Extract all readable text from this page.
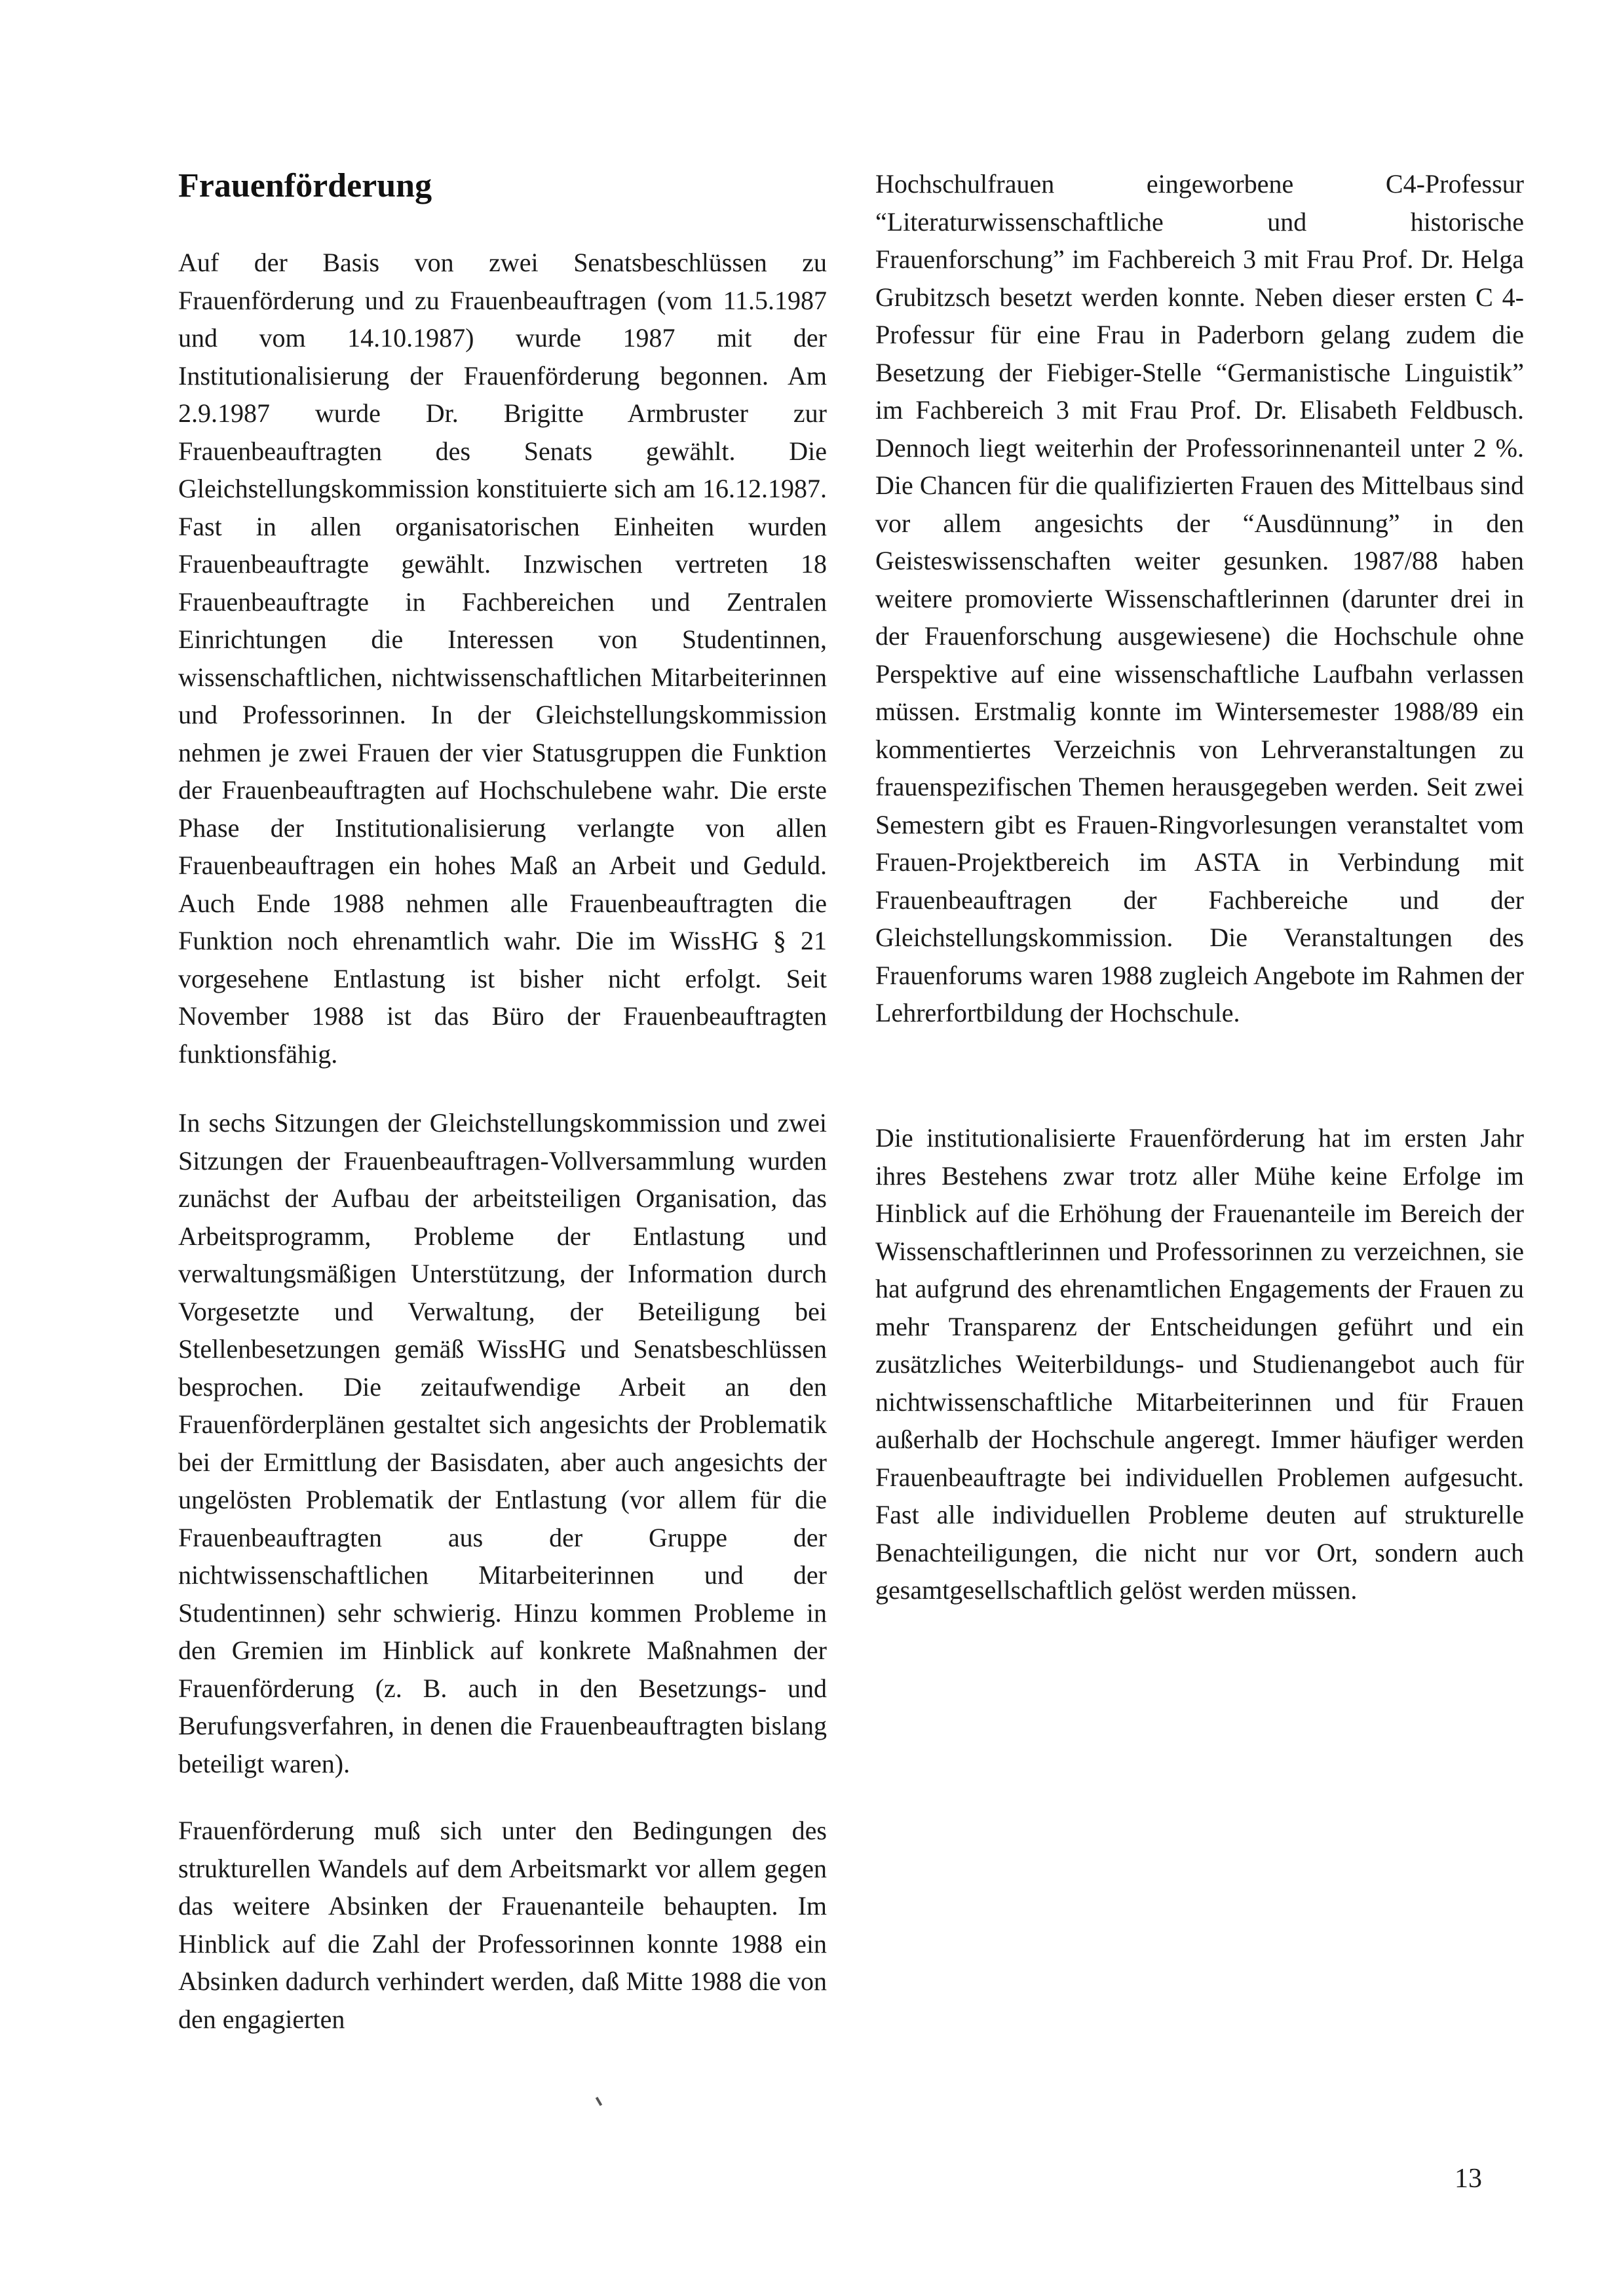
Frauenförderung

Auf der Basis von zwei Senatsbeschlüssen zu Frauenförderung und zu Frauenbeauftragen (vom 11.5.1987 und vom 14.10.1987) wurde 1987 mit der Institutionalisierung der Frauenförderung begonnen. Am 2.9.1987 wurde Dr. Brigitte Armbruster zur Frauenbeauftragten des Senats gewählt. Die Gleichstellungskommission konstituierte sich am 16.12.1987. Fast in allen organisatorischen Einheiten wurden Frauenbeauftragte gewählt. Inzwischen vertreten 18 Frauenbeauftragte in Fachbereichen und Zentralen Einrichtungen die Interessen von Studentinnen, wissenschaftlichen, nichtwissenschaftlichen Mitarbeiterinnen und Professorinnen. In der Gleichstellungskommission nehmen je zwei Frauen der vier Statusgruppen die Funktion der Frauenbeauftragten auf Hochschulebene wahr. Die erste Phase der Institutionalisierung verlangte von allen Frauenbeauftragen ein hohes Maß an Arbeit und Geduld. Auch Ende 1988 nehmen alle Frauenbeauftragten die Funktion noch ehrenamtlich wahr. Die im WissHG § 21 vorgesehene Entlastung ist bisher nicht erfolgt. Seit November 1988 ist das Büro der Frauenbeauftragten funktionsfähig.

In sechs Sitzungen der Gleichstellungskommission und zwei Sitzungen der Frauenbeauftragen-Vollversammlung wurden zunächst der Aufbau der arbeitsteiligen Organisation, das Arbeitsprogramm, Probleme der Entlastung und verwaltungsmäßigen Unterstützung, der Information durch Vorgesetzte und Verwaltung, der Beteiligung bei Stellenbesetzungen gemäß WissHG und Senatsbeschlüssen besprochen. Die zeitaufwendige Arbeit an den Frauenförderplänen gestaltet sich angesichts der Problematik bei der Ermittlung der Basisdaten, aber auch angesichts der ungelösten Problematik der Entlastung (vor allem für die Frauenbeauftragten aus der Gruppe der nichtwissenschaftlichen Mitarbeiterinnen und der Studentinnen) sehr schwierig. Hinzu kommen Probleme in den Gremien im Hinblick auf konkrete Maßnahmen der Frauenförderung (z. B. auch in den Besetzungs- und Berufungsverfahren, in denen die Frauenbeauftragten bislang beteiligt waren).

Frauenförderung muß sich unter den Bedingungen des strukturellen Wandels auf dem Arbeitsmarkt vor allem gegen das weitere Absinken der Frauenanteile behaupten. Im Hinblick auf die Zahl der Professorinnen konnte 1988 ein Absinken dadurch verhindert werden, daß Mitte 1988 die von den engagierten

Hochschulfrauen eingeworbene C4-Professur “Literaturwissenschaftliche und historische Frauenforschung” im Fachbereich 3 mit Frau Prof. Dr. Helga Grubitzsch besetzt werden konnte. Neben dieser ersten C 4-Professur für eine Frau in Paderborn gelang zudem die Besetzung der Fiebiger-Stelle “Germanistische Linguistik” im Fachbereich 3 mit Frau Prof. Dr. Elisabeth Feldbusch. Dennoch liegt weiterhin der Professorinnenanteil unter 2 %. Die Chancen für die qualifizierten Frauen des Mittelbaus sind vor allem angesichts der “Ausdünnung” in den Geisteswissenschaften weiter gesunken. 1987/88 haben weitere promovierte Wissenschaftlerinnen (darunter drei in der Frauenforschung ausgewiesene) die Hochschule ohne Perspektive auf eine wissenschaftliche Laufbahn verlassen müssen. Erstmalig konnte im Wintersemester 1988/89 ein kommentiertes Verzeichnis von Lehrveranstaltungen zu frauenspezifischen Themen herausgegeben werden. Seit zwei Semestern gibt es Frauen-Ringvorlesungen veranstaltet vom Frauen-Projektbereich im ASTA in Verbindung mit Frauenbeauftragen der Fachbereiche und der Gleichstellungskommission. Die Veranstaltungen des Frauenforums waren 1988 zugleich Angebote im Rahmen der Lehrerfortbildung der Hochschule.

Die institutionalisierte Frauenförderung hat im ersten Jahr ihres Bestehens zwar trotz aller Mühe keine Erfolge im Hinblick auf die Erhöhung der Frauenanteile im Bereich der Wissenschaftlerinnen und Professorinnen zu verzeichnen, sie hat aufgrund des ehrenamtlichen Engagements der Frauen zu mehr Transparenz der Entscheidungen geführt und ein zusätzliches Weiterbildungs- und Studienangebot auch für nichtwissenschaftliche Mitarbeiterinnen und für Frauen außerhalb der Hochschule angeregt. Immer häufiger werden Frauenbeauftragte bei individuellen Problemen aufgesucht. Fast alle individuellen Probleme deuten auf strukturelle Benachteiligungen, die nicht nur vor Ort, sondern auch gesamtgesellschaftlich gelöst werden müssen.

13
